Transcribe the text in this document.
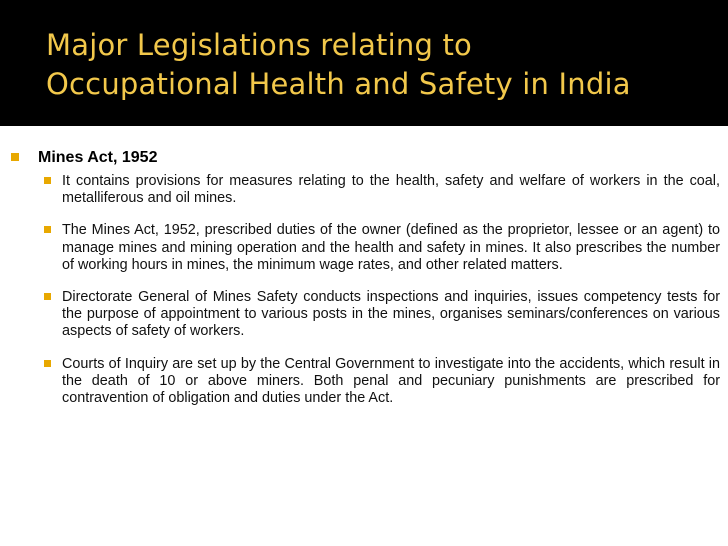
Major Legislations relating to
Occupational Health and Safety in India
Mines Act, 1952
It contains provisions for measures relating to the health, safety and welfare of workers in the coal, metalliferous and oil mines.
The Mines Act, 1952, prescribed duties of the owner (defined as the proprietor, lessee or an agent) to manage mines and mining operation and the health and safety in mines. It also prescribes the number of working hours in mines, the minimum wage rates, and other related matters.
Directorate General of Mines Safety conducts inspections and inquiries, issues competency tests for the purpose of appointment to various posts in the mines, organises seminars/conferences on various aspects of safety of workers.
Courts of Inquiry are set up by the Central Government to investigate into the accidents, which result in the death of 10 or above miners. Both penal and pecuniary punishments are prescribed for contravention of obligation and duties under the Act.
